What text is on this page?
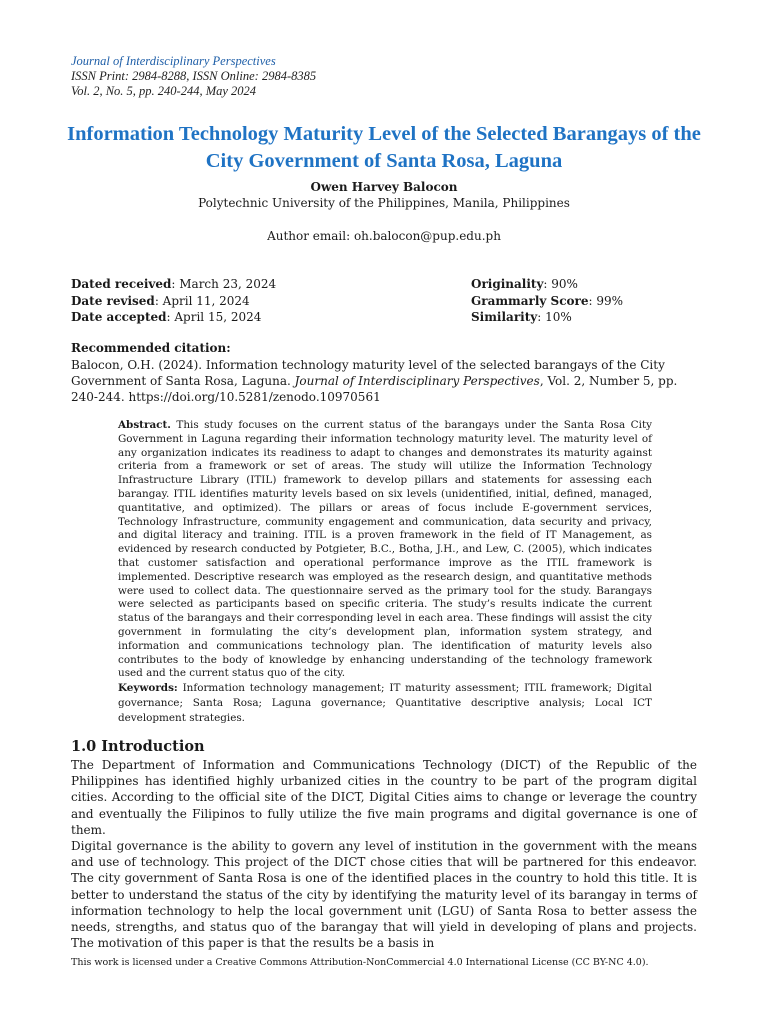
Journal of Interdisciplinary Perspectives
ISSN Print: 2984-8288, ISSN Online: 2984-8385
Vol. 2, No. 5, pp. 240-244, May 2024
Information Technology Maturity Level of the Selected Barangays of the City Government of Santa Rosa, Laguna
Owen Harvey Balocon
Polytechnic University of the Philippines, Manila, Philippines
Author email: oh.balocon@pup.edu.ph
Dated received: March 23, 2024
Date revised: April 11, 2024
Date accepted: April 15, 2024
Originality: 90%
Grammarly Score: 99%
Similarity: 10%
Recommended citation:
Balocon, O.H. (2024). Information technology maturity level of the selected barangays of the City Government of Santa Rosa, Laguna. Journal of Interdisciplinary Perspectives, Vol. 2, Number 5, pp. 240-244. https://doi.org/10.5281/zenodo.10970561

Abstract. This study focuses on the current status of the barangays under the Santa Rosa City Government in Laguna regarding their information technology maturity level. The maturity level of any organization indicates its readiness to adapt to changes and demonstrates its maturity against criteria from a framework or set of areas. The study will utilize the Information Technology Infrastructure Library (ITIL) framework to develop pillars and statements for assessing each barangay. ITIL identifies maturity levels based on six levels (unidentified, initial, defined, managed, quantitative, and optimized). The pillars or areas of focus include E-government services, Technology Infrastructure, community engagement and communication, data security and privacy, and digital literacy and training. ITIL is a proven framework in the field of IT Management, as evidenced by research conducted by Potgieter, B.C., Botha, J.H., and Lew, C. (2005), which indicates that customer satisfaction and operational performance improve as the ITIL framework is implemented. Descriptive research was employed as the research design, and quantitative methods were used to collect data. The questionnaire served as the primary tool for the study. Barangays were selected as participants based on specific criteria. The study’s results indicate the current status of the barangays and their corresponding level in each area. These findings will assist the city government in formulating the city’s development plan, information system strategy, and information and communications technology plan. The identification of maturity levels also contributes to the body of knowledge by enhancing understanding of the technology framework used and the current status quo of the city.

Keywords: Information technology management; IT maturity assessment; ITIL framework; Digital governance; Santa Rosa; Laguna governance; Quantitative descriptive analysis; Local ICT development strategies.

1.0 Introduction

The Department of Information and Communications Technology (DICT) of the Republic of the Philippines has identified highly urbanized cities in the country to be part of the program digital cities. According to the official site of the DICT, Digital Cities aims to change or leverage the country and eventually the Filipinos to fully utilize the five main programs and digital governance is one of them.

Digital governance is the ability to govern any level of institution in the government with the means and use of technology. This project of the DICT chose cities that will be partnered for this endeavor. The city government of Santa Rosa is one of the identified places in the country to hold this title. It is better to understand the status of the city by identifying the maturity level of its barangay in terms of information technology to help the local government unit (LGU) of Santa Rosa to better assess the needs, strengths, and status quo of the barangay that will yield in developing of plans and projects. The motivation of this paper is that the results be a basis in

This work is licensed under a Creative Commons Attribution-NonCommercial 4.0 International License (CC BY-NC 4.0).
